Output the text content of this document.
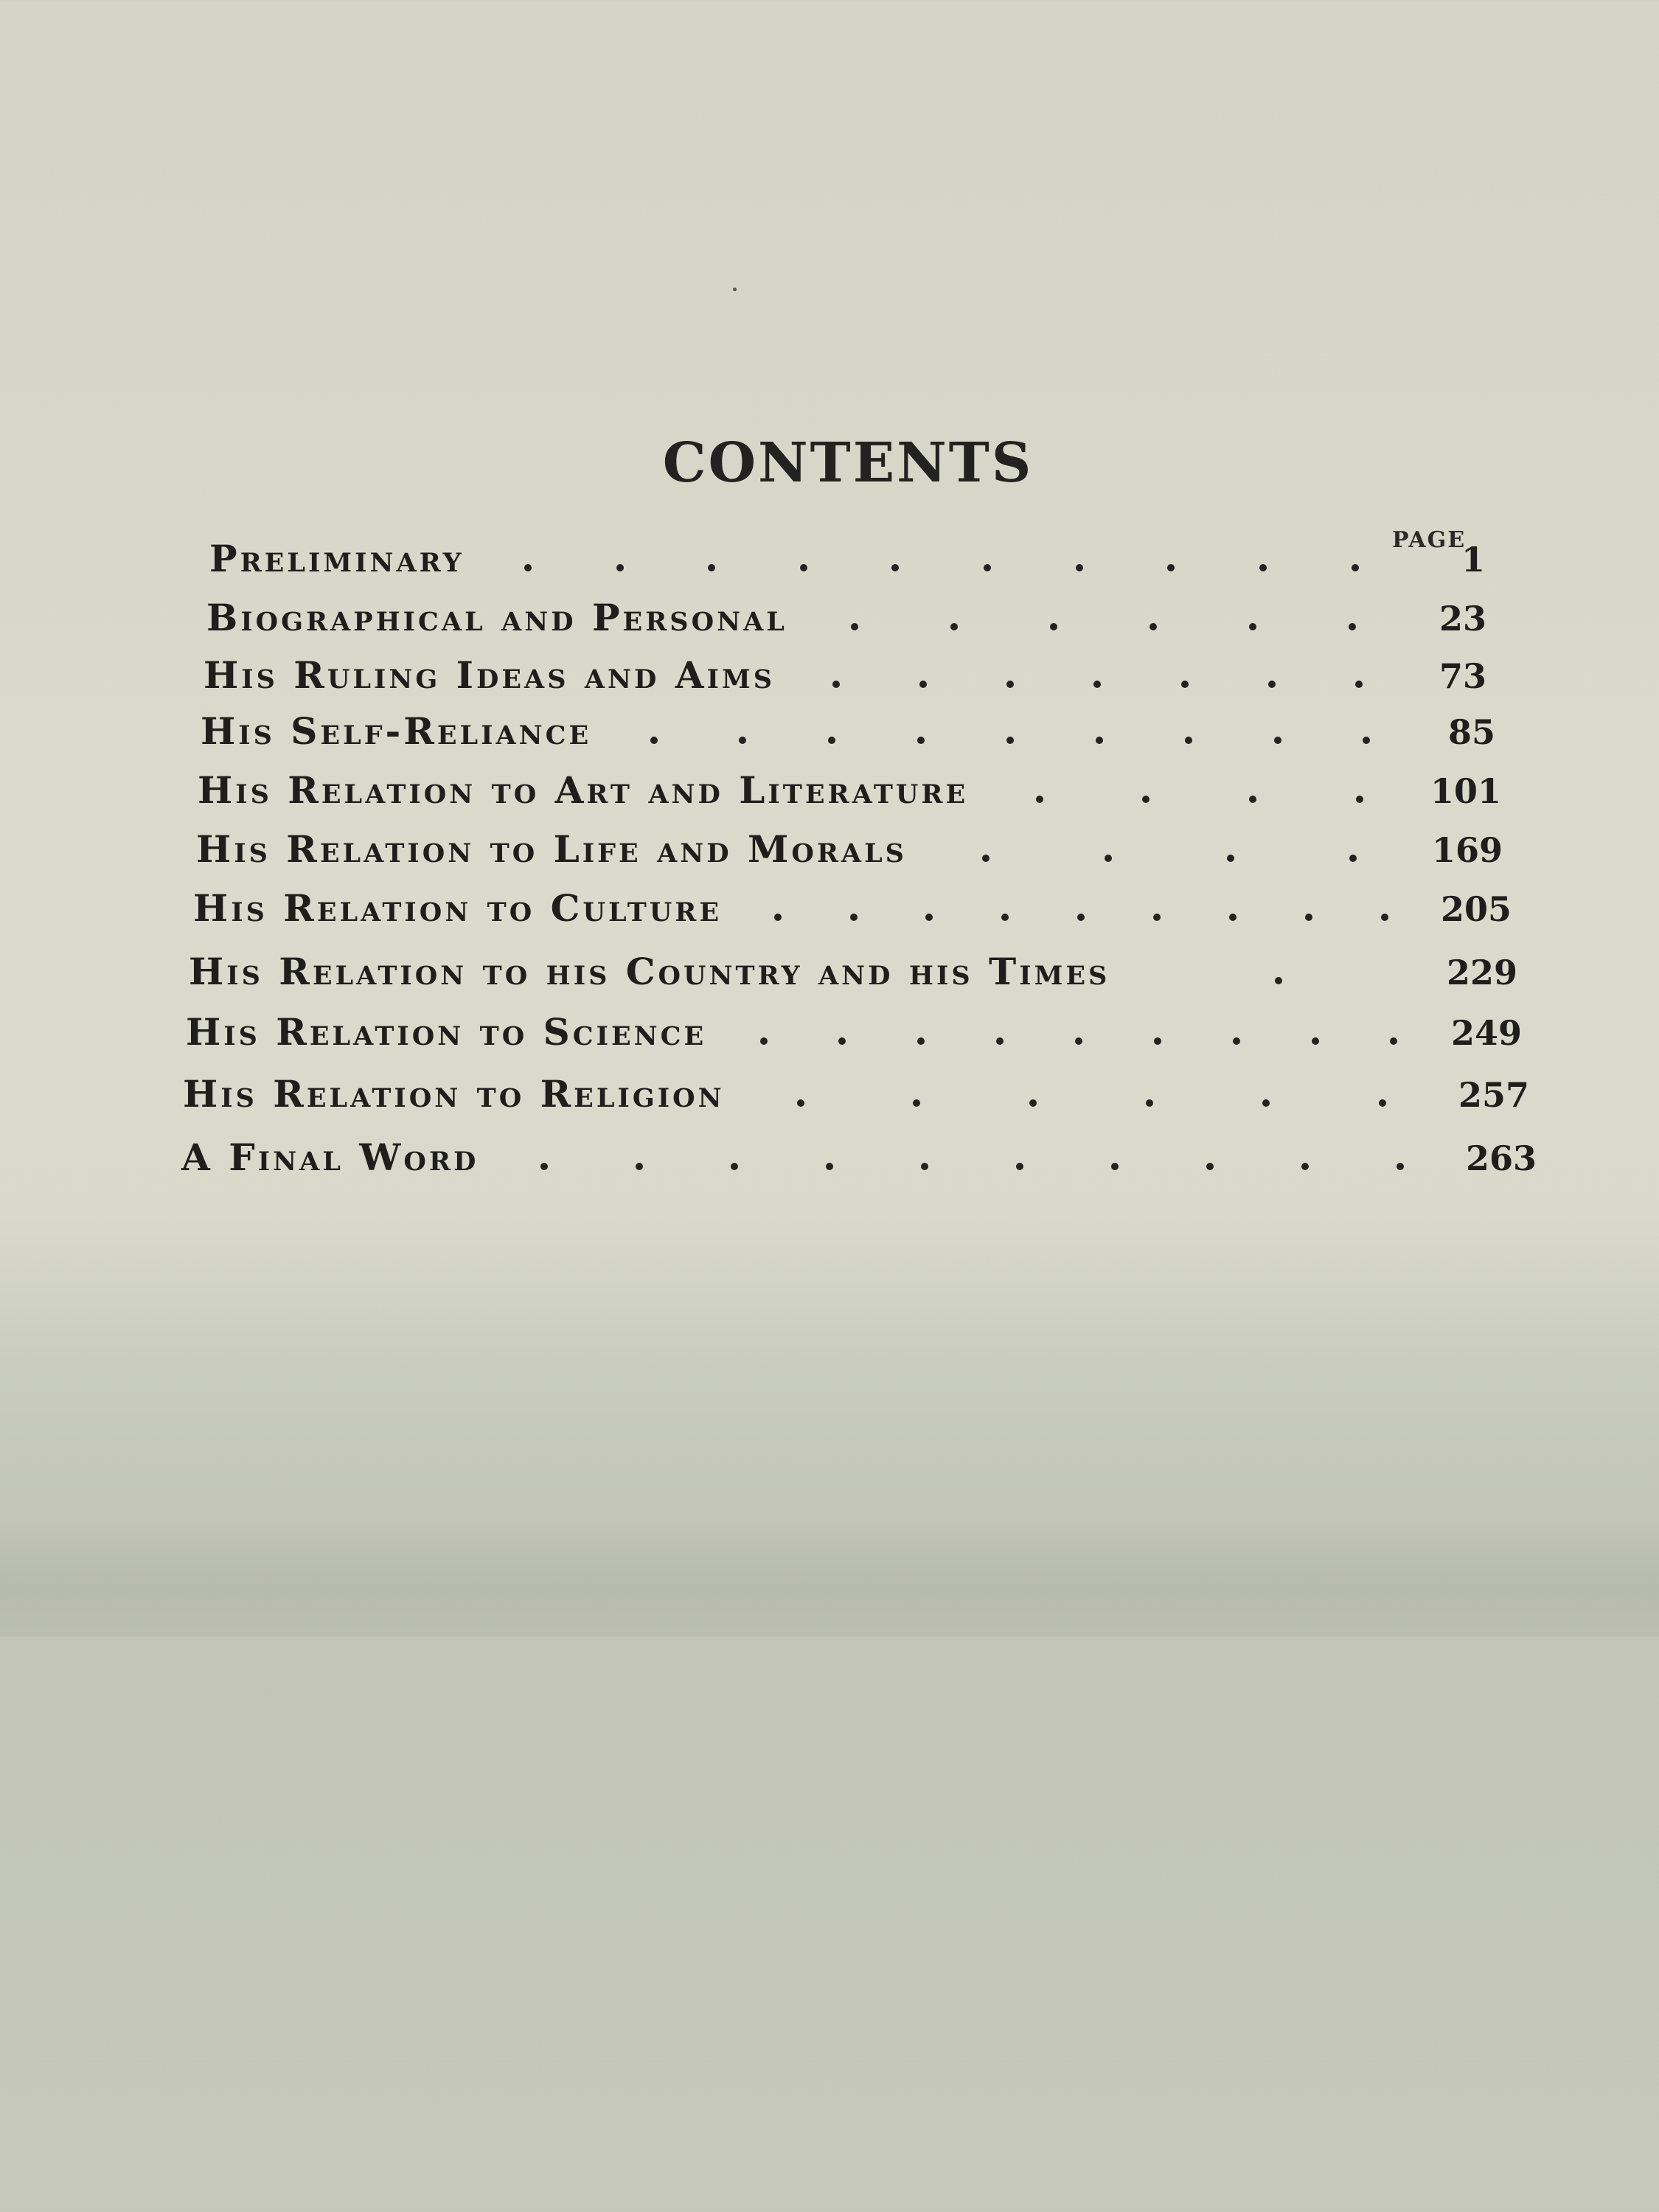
CONTENTS
PAGE
Preliminary	1
Biographical and Personal	23
His Ruling Ideas and Aims	73
His Self-Reliance	85
His Relation to Art and Literature	101
His Relation to Life and Morals	169
His Relation to Culture	205
His Relation to his Country and his Times	229
His Relation to Science	249
His Relation to Religion	257
A Final Word	263
